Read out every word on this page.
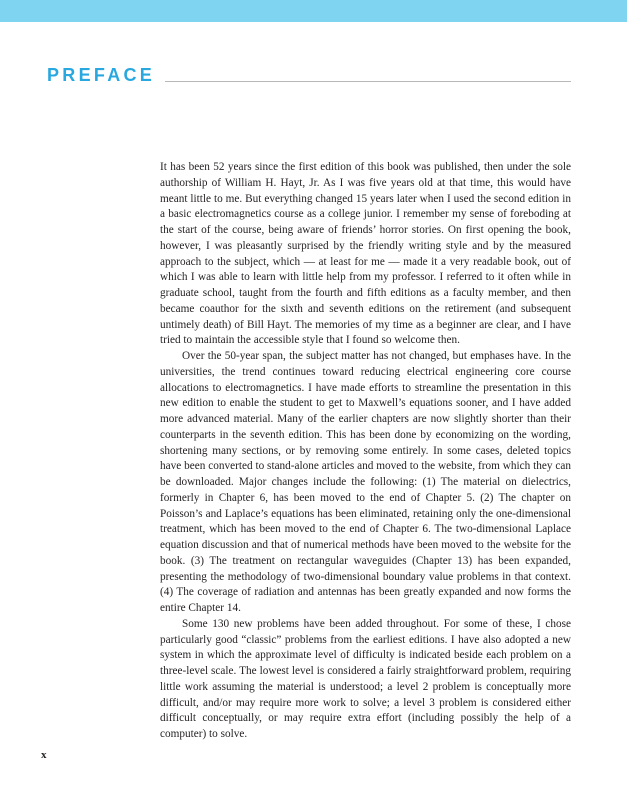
PREFACE

It has been 52 years since the first edition of this book was published, then under the sole authorship of William H. Hayt, Jr. As I was five years old at that time, this would have meant little to me. But everything changed 15 years later when I used the second edition in a basic electromagnetics course as a college junior. I remember my sense of foreboding at the start of the course, being aware of friends’ horror stories. On first opening the book, however, I was pleasantly surprised by the friendly writing style and by the measured approach to the subject, which — at least for me — made it a very readable book, out of which I was able to learn with little help from my professor. I referred to it often while in graduate school, taught from the fourth and fifth editions as a faculty member, and then became coauthor for the sixth and seventh editions on the retirement (and subsequent untimely death) of Bill Hayt. The memories of my time as a beginner are clear, and I have tried to maintain the accessible style that I found so welcome then.

Over the 50-year span, the subject matter has not changed, but emphases have. In the universities, the trend continues toward reducing electrical engineering core course allocations to electromagnetics. I have made efforts to streamline the presentation in this new edition to enable the student to get to Maxwell’s equations sooner, and I have added more advanced material. Many of the earlier chapters are now slightly shorter than their counterparts in the seventh edition. This has been done by economizing on the wording, shortening many sections, or by removing some entirely. In some cases, deleted topics have been converted to stand-alone articles and moved to the website, from which they can be downloaded. Major changes include the following: (1) The material on dielectrics, formerly in Chapter 6, has been moved to the end of Chapter 5. (2) The chapter on Poisson’s and Laplace’s equations has been eliminated, retaining only the one-dimensional treatment, which has been moved to the end of Chapter 6. The two-dimensional Laplace equation discussion and that of numerical methods have been moved to the website for the book. (3) The treatment on rectangular waveguides (Chapter 13) has been expanded, presenting the methodology of two-dimensional boundary value problems in that context. (4) The coverage of radiation and antennas has been greatly expanded and now forms the entire Chapter 14.

Some 130 new problems have been added throughout. For some of these, I chose particularly good “classic” problems from the earliest editions. I have also adopted a new system in which the approximate level of difficulty is indicated beside each problem on a three-level scale. The lowest level is considered a fairly straightforward problem, requiring little work assuming the material is understood; a level 2 problem is conceptually more difficult, and/or may require more work to solve; a level 3 problem is considered either difficult conceptually, or may require extra effort (including possibly the help of a computer) to solve.

x
